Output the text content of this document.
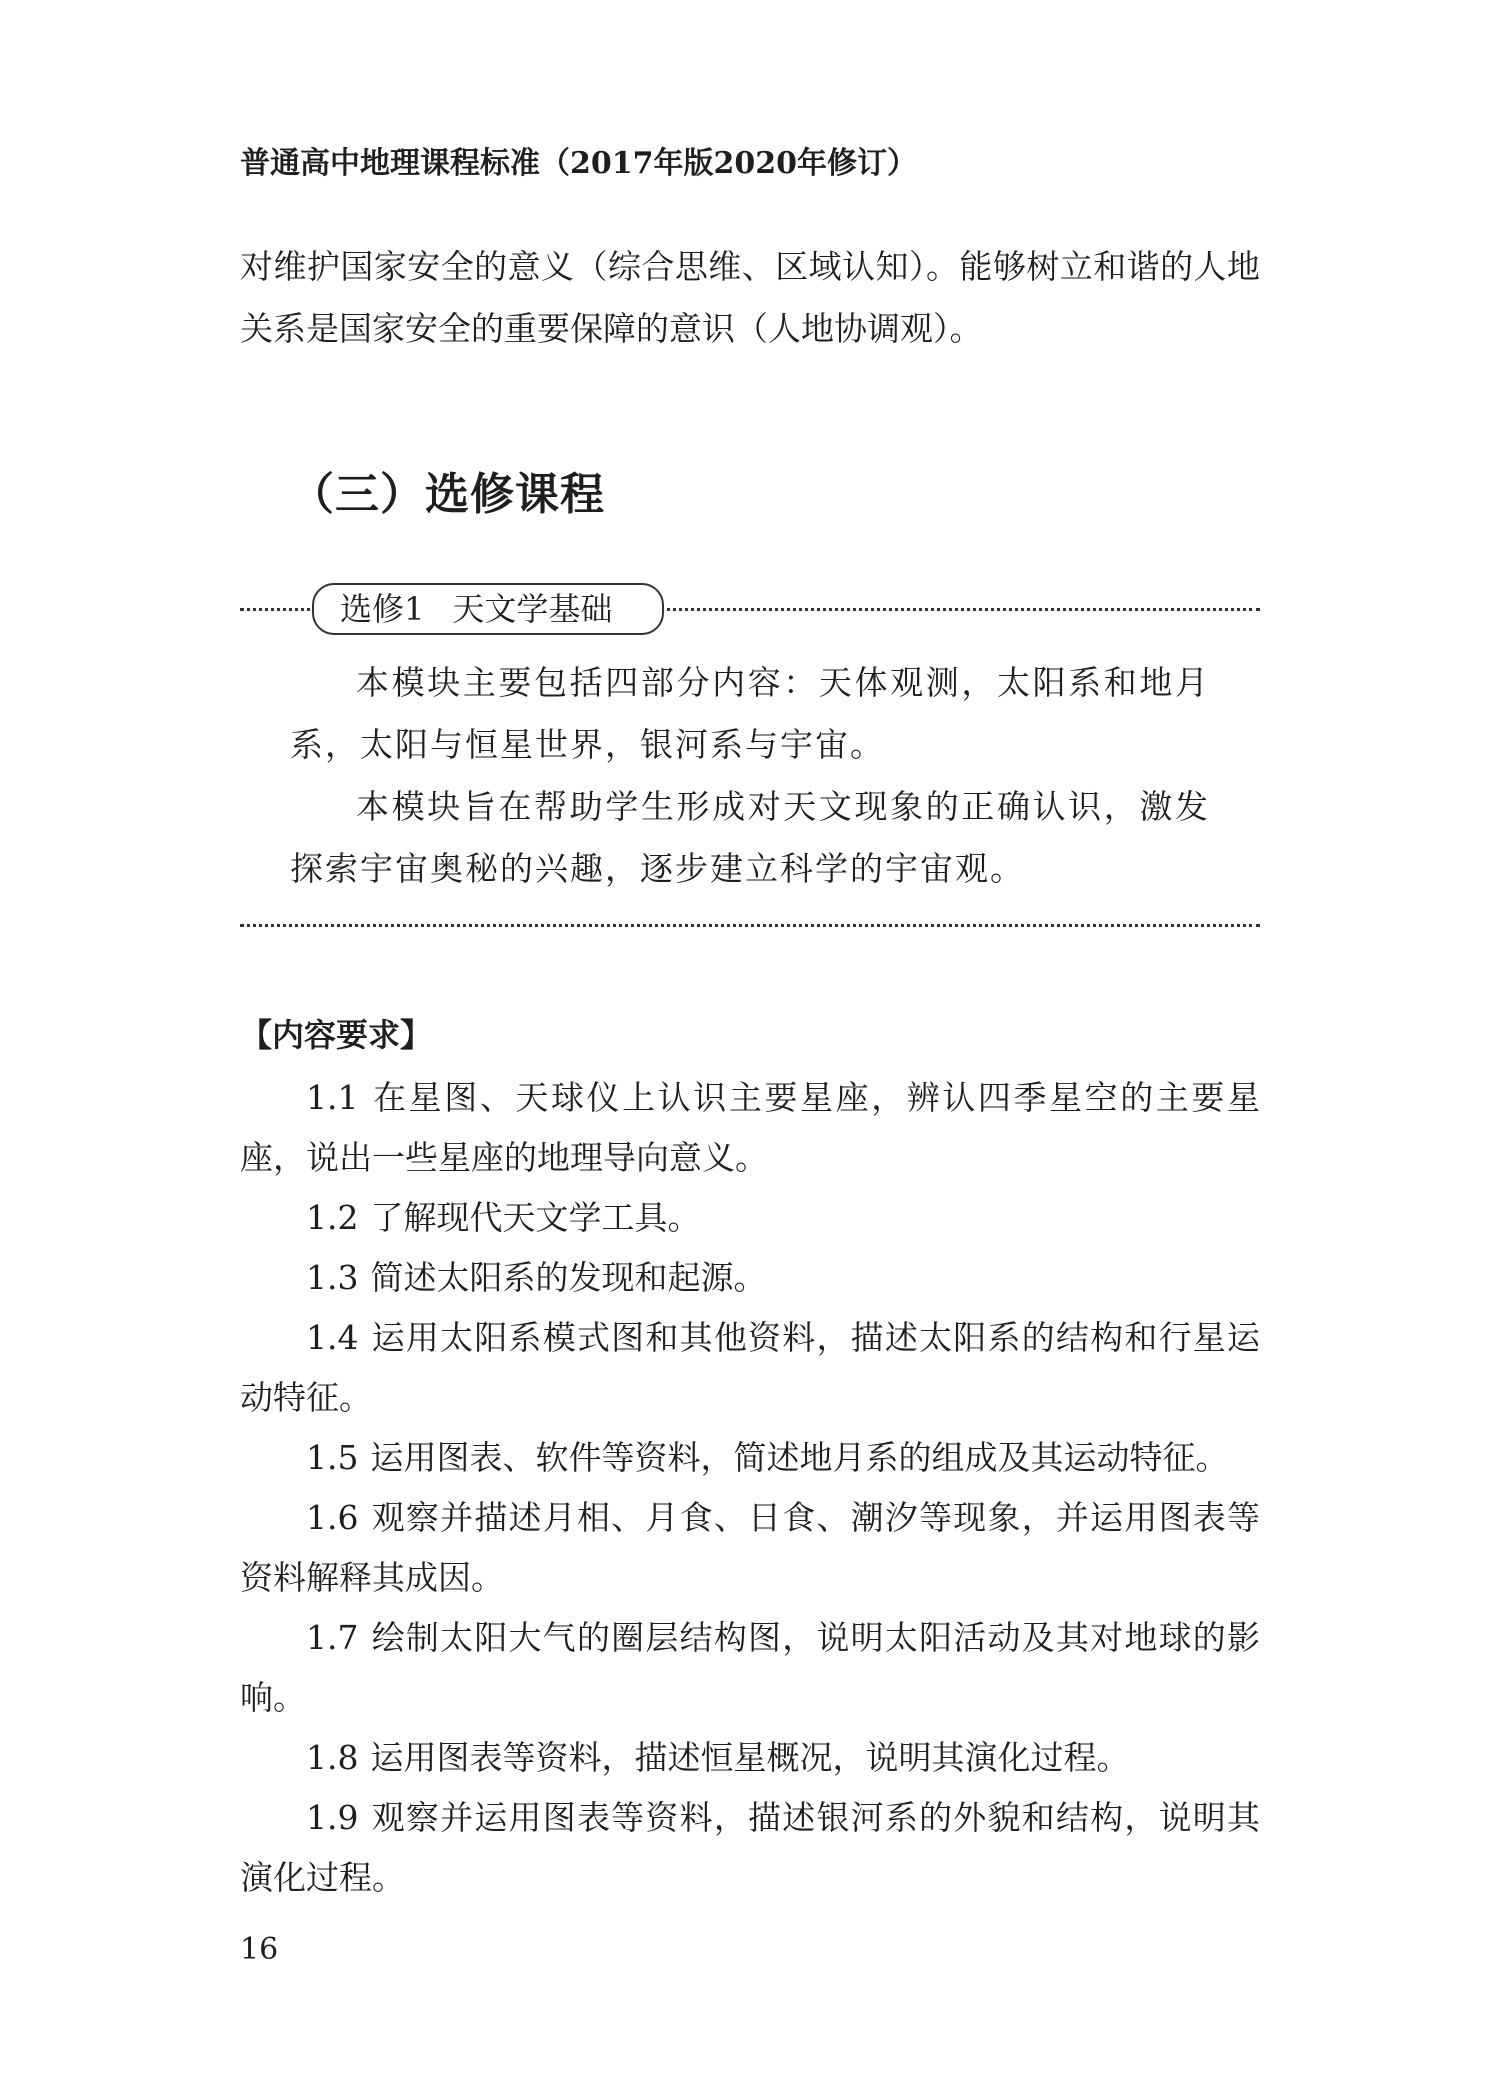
普通高中地理课程标准（2017年版2020年修订）

对维护国家安全的意义（综合思维、区域认知）。能够树立和谐的人地关系是国家安全的重要保障的意识（人地协调观）。

（三）选修课程
选修1 天文学基础

本模块主要包括四部分内容：天体观测，太阳系和地月系，太阳与恒星世界，银河系与宇宙。

本模块旨在帮助学生形成对天文现象的正确认识，激发探索宇宙奥秘的兴趣，逐步建立科学的宇宙观。

【内容要求】

1.1 在星图、天球仪上认识主要星座，辨认四季星空的主要星座，说出一些星座的地理导向意义。

1.2 了解现代天文学工具。

1.3 简述太阳系的发现和起源。

1.4 运用太阳系模式图和其他资料，描述太阳系的结构和行星运动特征。

1.5 运用图表、软件等资料，简述地月系的组成及其运动特征。

1.6 观察并描述月相、月食、日食、潮汐等现象，并运用图表等资料解释其成因。

1.7 绘制太阳大气的圈层结构图，说明太阳活动及其对地球的影响。

1.8 运用图表等资料，描述恒星概况，说明其演化过程。

1.9 观察并运用图表等资料，描述银河系的外貌和结构，说明其演化过程。

16
